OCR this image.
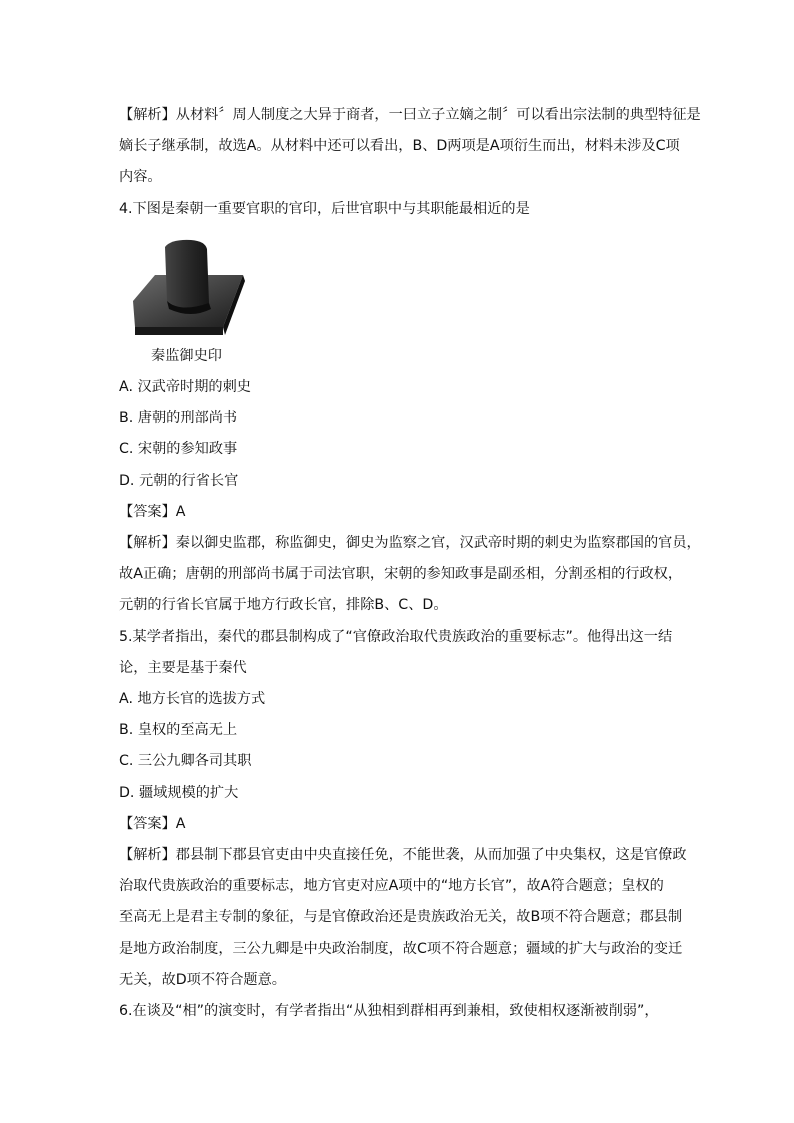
【解析】从材料〞周人制度之大异于商者，一曰立子立嫡之制〞可以看出宗法制的典型特征是
嫡长子继承制，故选A。从材料中还可以看出，B、D两项是A项衍生而出，材料未涉及C项
内容。
4.下图是秦朝一重要官职的官印，后世官职中与其职能最相近的是
秦监御史印
A. 汉武帝时期的刺史
B. 唐朝的刑部尚书
C. 宋朝的参知政事
D. 元朝的行省长官
【答案】A
【解析】秦以御史监郡，称监御史，御史为监察之官，汉武帝时期的刺史为监察郡国的官员，
故A正确；唐朝的刑部尚书属于司法官职，宋朝的参知政事是副丞相，分割丞相的行政权，
元朝的行省长官属于地方行政长官，排除B、C、D。
5.某学者指出，秦代的郡县制构成了“官僚政治取代贵族政治的重要标志”。他得出这一结
论，主要是基于秦代
A. 地方长官的选拔方式
B. 皇权的至高无上
C. 三公九卿各司其职
D. 疆域规模的扩大
【答案】A
【解析】郡县制下郡县官吏由中央直接任免，不能世袭，从而加强了中央集权，这是官僚政
治取代贵族政治的重要标志，地方官吏对应A项中的“地方长官”，故A符合题意；皇权的
至高无上是君主专制的象征，与是官僚政治还是贵族政治无关，故B项不符合题意；郡县制
是地方政治制度，三公九卿是中央政治制度，故C项不符合题意；疆域的扩大与政治的变迁
无关，故D项不符合题意。
6.在谈及“相”的演变时，有学者指出“从独相到群相再到兼相，致使相权逐渐被削弱”，
